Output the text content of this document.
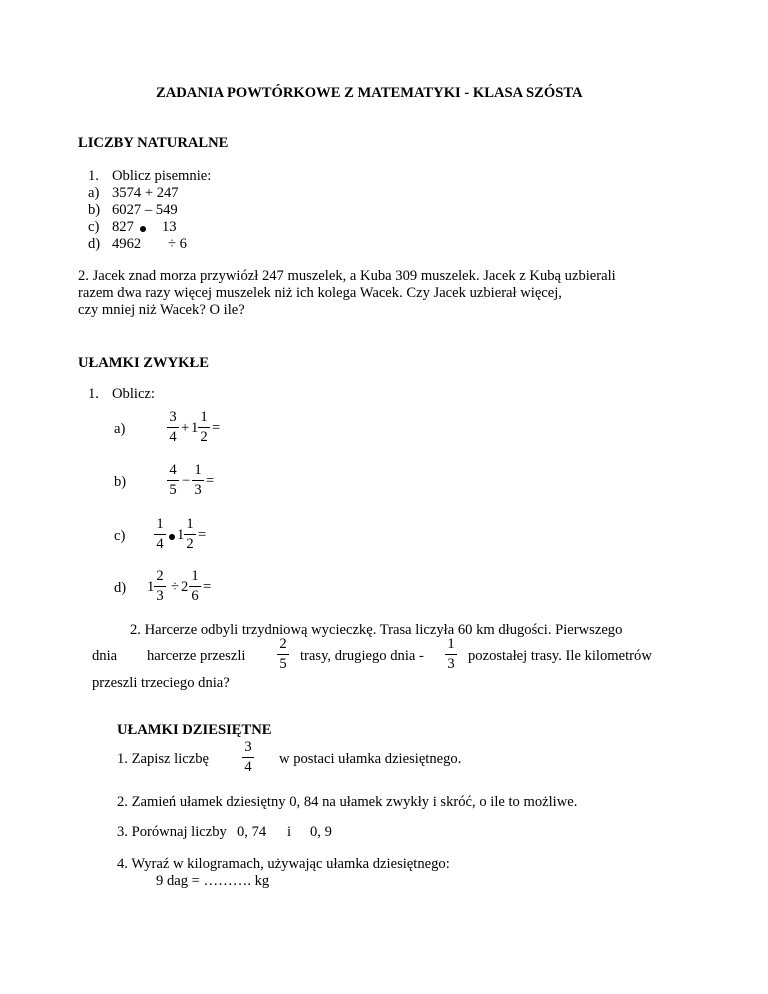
ZADANIA POWTÓRKOWE Z MATEMATYKI - KLASA SZÓSTA
LICZBY NATURALNE
1. Oblicz pisemnie:
a) 3574 + 247
b) 6027 – 549
c) 827 13
d) 4962 ÷ 6
2. Jacek znad morza przywiózł 247 muszelek, a Kuba 309 muszelek. Jacek z Kubą uzbierali
razem dwa razy więcej muszelek niż ich kolega Wacek. Czy Jacek uzbierał więcej,
czy mniej niż Wacek? O ile?
UŁAMKI ZWYKŁE
1. Oblicz:
a)
3
4
+ 1
1
2
=
b)
4
5
−
1
3
=
c)
1
4
1
1
2
=
d) 1
2
3
÷ 2
1
6
=
2. Harcerze odbyli trzydniową wycieczkę. Trasa liczyła 60 km długości. Pierwszego
dnia harcerze przeszli
2
5 trasy, drugiego dnia -
1
3 pozostałej trasy. Ile kilometrów
przeszli trzeciego dnia?
UŁAMKI DZIESIĘTNE
1. Zapisz liczbę
3
4 w postaci ułamka dziesiętnego.
2. Zamień ułamek dziesiętny 0, 84 na ułamek zwykły i skróć, o ile to możliwe.
3. Porównaj liczby 0, 74 i 0, 9
4. Wyraź w kilogramach, używając ułamka dziesiętnego:
9 dag = ………. kg
